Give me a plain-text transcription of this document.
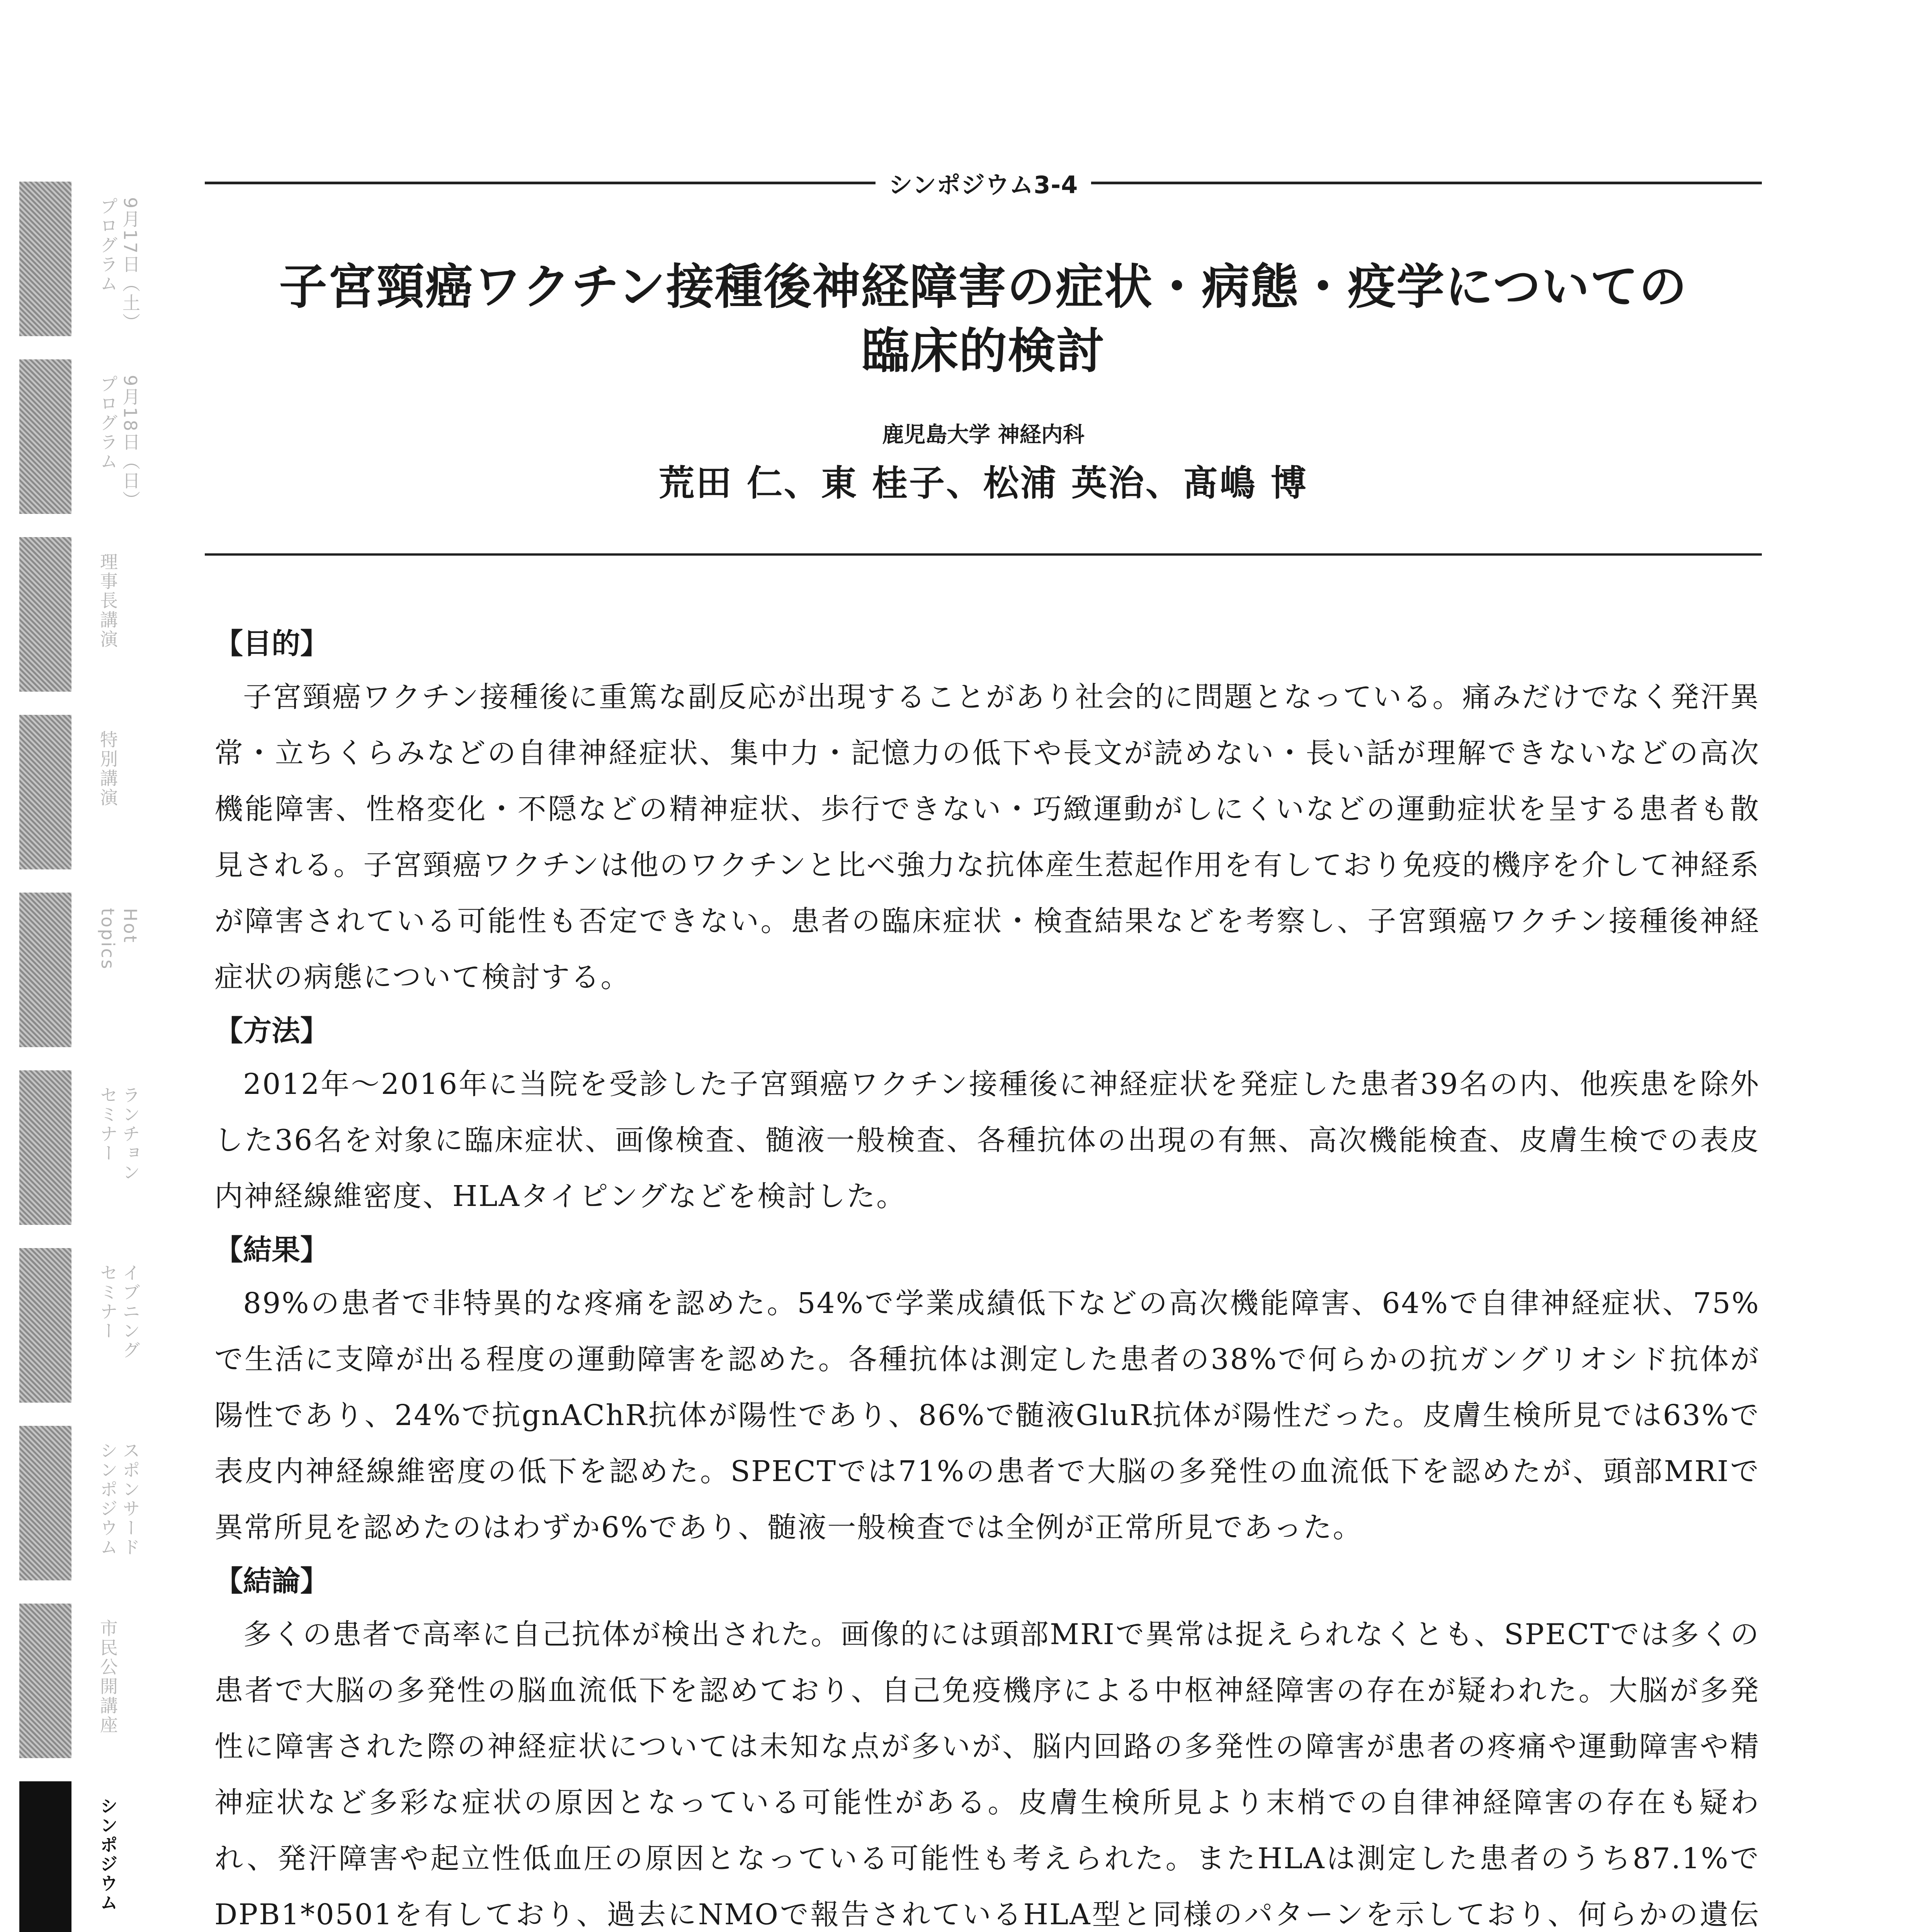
シンポジウム3-4
子宮頸癌ワクチン接種後神経障害の症状・病態・疫学についての
臨床的検討
鹿児島大学 神経内科
荒田 仁、東 桂子、松浦 英治、髙嶋 博
【目的】

子宮頸癌ワクチン接種後に重篤な副反応が出現することがあり社会的に問題となっている。痛みだけでなく発汗異常・立ちくらみなどの自律神経症状、集中力・記憶力の低下や長文が読めない・長い話が理解できないなどの高次機能障害、性格変化・不隠などの精神症状、歩行できない・巧緻運動がしにくいなどの運動症状を呈する患者も散見される。子宮頸癌ワクチンは他のワクチンと比べ強力な抗体産生惹起作用を有しており免疫的機序を介して神経系が障害されている可能性も否定できない。患者の臨床症状・検査結果などを考察し、子宮頸癌ワクチン接種後神経症状の病態について検討する。

【方法】

2012年〜2016年に当院を受診した子宮頸癌ワクチン接種後に神経症状を発症した患者39名の内、他疾患を除外した36名を対象に臨床症状、画像検査、髄液一般検査、各種抗体の出現の有無、高次機能検査、皮膚生検での表皮内神経線維密度、HLAタイピングなどを検討した。

【結果】

89%の患者で非特異的な疼痛を認めた。54%で学業成績低下などの高次機能障害、64%で自律神経症状、75%で生活に支障が出る程度の運動障害を認めた。各種抗体は測定した患者の38%で何らかの抗ガングリオシド抗体が陽性であり、24%で抗gnAChR抗体が陽性であり、86%で髄液GluR抗体が陽性だった。皮膚生検所見では63%で表皮内神経線維密度の低下を認めた。SPECTでは71%の患者で大脳の多発性の血流低下を認めたが、頭部MRIで異常所見を認めたのはわずか6%であり、髄液一般検査では全例が正常所見であった。

【結論】

多くの患者で高率に自己抗体が検出された。画像的には頭部MRIで異常は捉えられなくとも、SPECTでは多くの患者で大脳の多発性の脳血流低下を認めており、自己免疫機序による中枢神経障害の存在が疑われた。大脳が多発性に障害された際の神経症状については未知な点が多いが、脳内回路の多発性の障害が患者の疼痛や運動障害や精神症状など多彩な症状の原因となっている可能性がある。皮膚生検所見より末梢での自律神経障害の存在も疑われ、発汗障害や起立性低血圧の原因となっている可能性も考えられた。またHLAは測定した患者のうち87.1%でDPB1*0501を有しており、過去にNMOで報告されているHLA型と同様のパターンを示しており、何らかの遺伝

9月17日（土）
プログラム
9月18日（日）
プログラム
理事長講演
特別講演
Hot
topics
ランチョン
セミナー
イブニング
セミナー
スポンサード
シンポジウム
市民公開講座
シンポジウム
